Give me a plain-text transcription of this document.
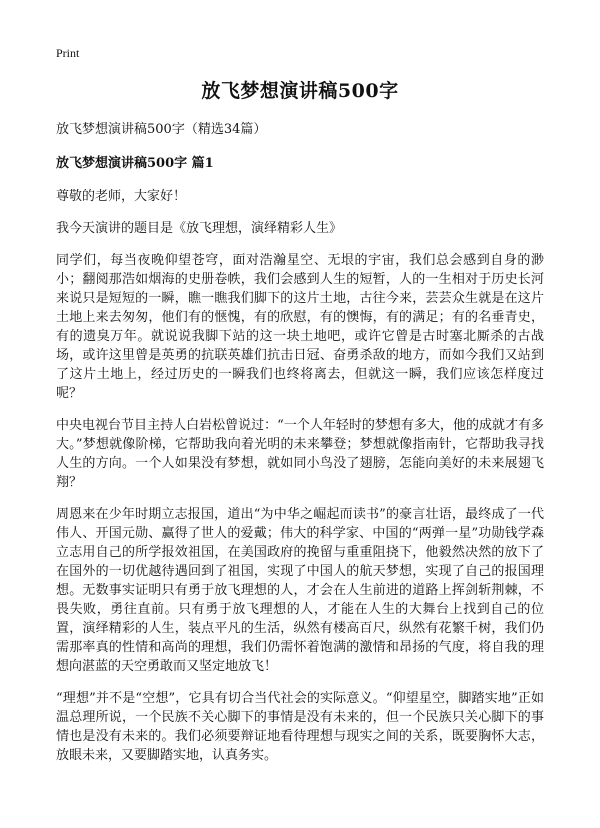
Print
放飞梦想演讲稿500字

放飞梦想演讲稿500字（精选34篇）

放飞梦想演讲稿500字 篇1

尊敬的老师，大家好！

我今天演讲的题目是《放飞理想，演绎精彩人生》

同学们，每当夜晚仰望苍穹，面对浩瀚星空、无垠的宇宙，我们总会感到自身的渺小；翻阅那浩如烟海的史册卷帙，我们会感到人生的短暂，人的一生相对于历史长河来说只是短短的一瞬，瞧一瞧我们脚下的这片土地，古往今来，芸芸众生就是在这片土地上来去匆匆，他们有的惬愧，有的欣慰，有的懊悔，有的满足；有的名垂青史，有的遗臭万年。就说说我脚下站的这一块土地吧，或许它曾是古时塞北厮杀的古战场，或许这里曾是英勇的抗联英雄们抗击日冠、奋勇杀敌的地方，而如今我们又站到了这片土地上，经过历史的一瞬我们也终将离去，但就这一瞬，我们应该怎样度过呢？

中央电视台节目主持人白岩松曾说过：“一个人年轻时的梦想有多大，他的成就才有多大。”梦想就像阶梯，它帮助我向着光明的未来攀登；梦想就像指南针，它帮助我寻找人生的方向。一个人如果没有梦想，就如同小鸟没了翅膀，怎能向美好的未来展翅飞翔？

周恩来在少年时期立志报国，道出“为中华之崛起而读书”的豪言壮语，最终成了一代伟人、开国元勋、赢得了世人的爱戴；伟大的科学家、中国的“两弹一星”功勋钱学森立志用自己的所学报效祖国，在美国政府的挽留与重重阻挠下，他毅然决然的放下了在国外的一切优越待遇回到了祖国，实现了中国人的航天梦想，实现了自己的报国理想。无数事实证明只有勇于放飞理想的人，才会在人生前进的道路上挥剑斩荆棘，不畏失败，勇往直前。只有勇于放飞理想的人，才能在人生的大舞台上找到自己的位置，演绎精彩的人生，装点平凡的生活，纵然有楼高百尺，纵然有花繁千树，我们仍需那率真的性情和高尚的理想，我们仍需怀着饱满的激情和昂扬的气度，将自我的理想向湛蓝的天空勇敢而又坚定地放飞！

“理想”并不是“空想”，它具有切合当代社会的实际意义。“仰望星空，脚踏实地”正如温总理所说，一个民族不关心脚下的事情是没有未来的，但一个民族只关心脚下的事情也是没有未来的。我们必须要辩证地看待理想与现实之间的关系，既要胸怀大志，放眼未来，又要脚踏实地，认真务实。
